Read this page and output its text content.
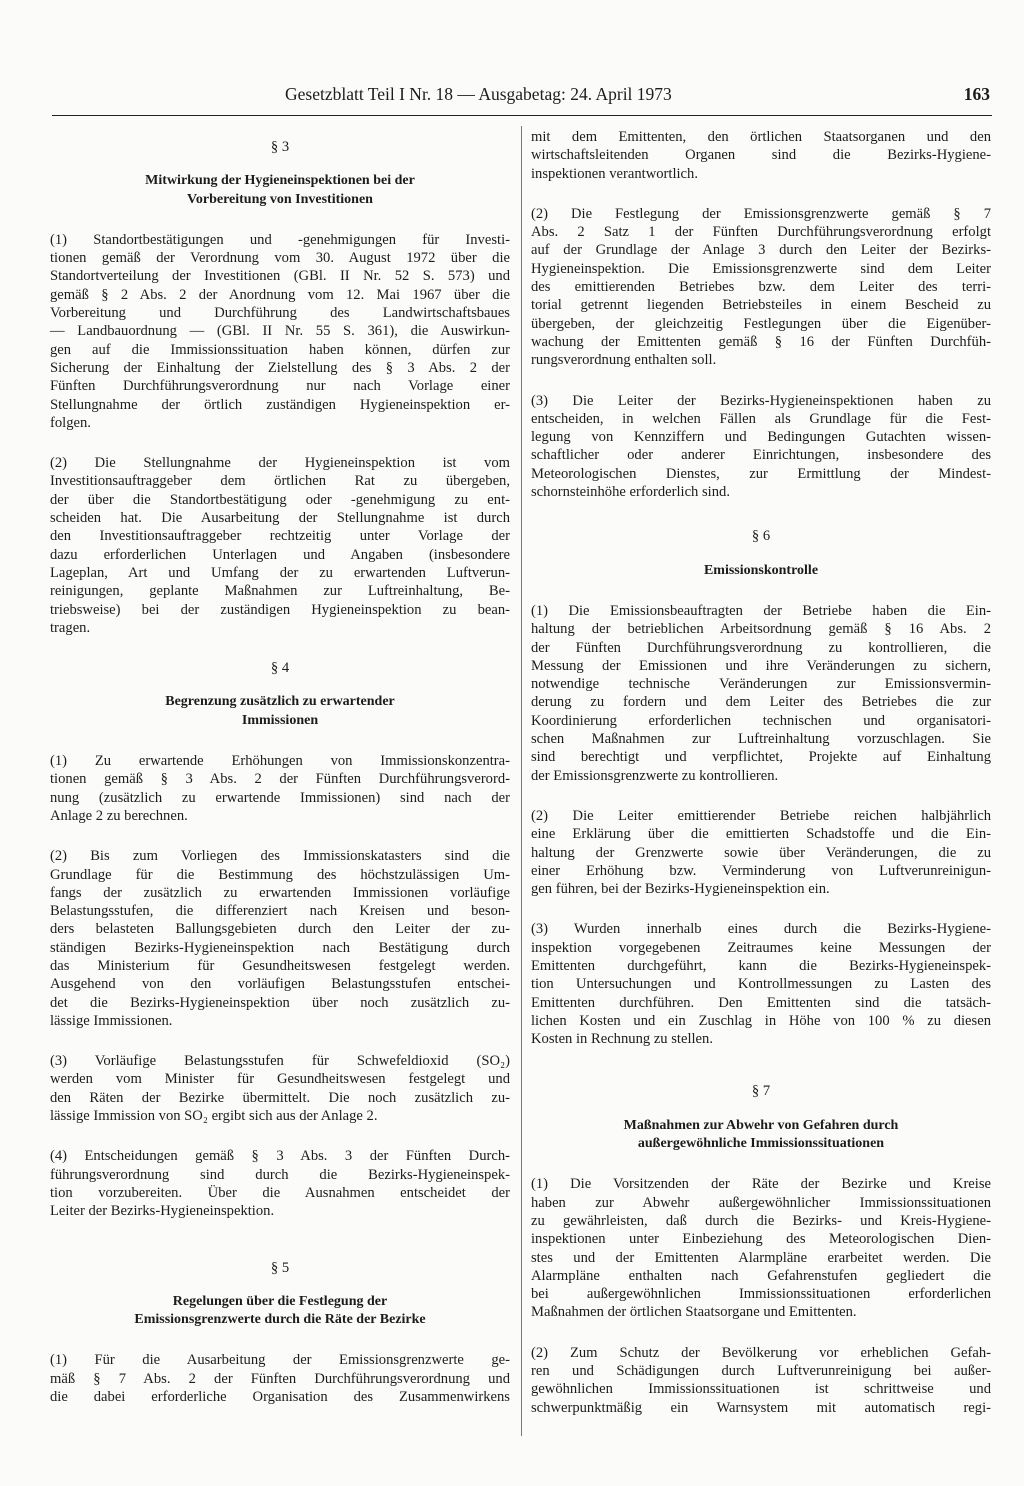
Gesetzblatt Teil I Nr. 18 — Ausgabetag: 24. April 1973	163
§ 3
Mitwirkung der Hygieneinspektionen bei der
Vorbereitung von Investitionen
(1) Standortbestätigungen und -genehmigungen für Investi-
tionen gemäß der Verordnung vom 30. August 1972 über die
Standortverteilung der Investitionen (GBl. II Nr. 52 S. 573) und
gemäß § 2 Abs. 2 der Anordnung vom 12. Mai 1967 über die
Vorbereitung und Durchführung des Landwirtschaftsbaues
— Landbauordnung — (GBl. II Nr. 55 S. 361), die Auswirkun-
gen auf die Immissionssituation haben können, dürfen zur
Sicherung der Einhaltung der Zielstellung des § 3 Abs. 2 der
Fünften Durchführungsverordnung nur nach Vorlage einer
Stellungnahme der örtlich zuständigen Hygieneinspektion er-
folgen.
(2) Die Stellungnahme der Hygieneinspektion ist vom
Investitionsauftraggeber dem örtlichen Rat zu übergeben,
der über die Standortbestätigung oder -genehmigung zu ent-
scheiden hat. Die Ausarbeitung der Stellungnahme ist durch
den Investitionsauftraggeber rechtzeitig unter Vorlage der
dazu erforderlichen Unterlagen und Angaben (insbesondere
Lageplan, Art und Umfang der zu erwartenden Luftverun-
reinigungen, geplante Maßnahmen zur Luftreinhaltung, Be-
triebsweise) bei der zuständigen Hygieneinspektion zu bean-
tragen.
§ 4
Begrenzung zusätzlich zu erwartender
Immissionen
(1) Zu erwartende Erhöhungen von Immissionskonzentra-
tionen gemäß § 3 Abs. 2 der Fünften Durchführungsverord-
nung (zusätzlich zu erwartende Immissionen) sind nach der
Anlage 2 zu berechnen.
(2) Bis zum Vorliegen des Immissionskatasters sind die
Grundlage für die Bestimmung des höchstzulässigen Um-
fangs der zusätzlich zu erwartenden Immissionen vorläufige
Belastungsstufen, die differenziert nach Kreisen und beson-
ders belasteten Ballungsgebieten durch den Leiter der zu-
ständigen Bezirks-Hygieneinspektion nach Bestätigung durch
das Ministerium für Gesundheitswesen festgelegt werden.
Ausgehend von den vorläufigen Belastungsstufen entschei-
det die Bezirks-Hygieneinspektion über noch zusätzlich zu-
lässige Immissionen.
(3) Vorläufige Belastungsstufen für Schwefeldioxid (SO₂)
werden vom Minister für Gesundheitswesen festgelegt und
den Räten der Bezirke übermittelt. Die noch zusätzlich zu-
lässige Immission von SO₂ ergibt sich aus der Anlage 2.
(4) Entscheidungen gemäß § 3 Abs. 3 der Fünften Durch-
führungsverordnung sind durch die Bezirks-Hygieneinspek-
tion vorzubereiten. Über die Ausnahmen entscheidet der
Leiter der Bezirks-Hygieneinspektion.
§ 5
Regelungen über die Festlegung der
Emissionsgrenzwerte durch die Räte der Bezirke
(1) Für die Ausarbeitung der Emissionsgrenzwerte ge-
mäß § 7 Abs. 2 der Fünften Durchführungsverordnung und
die dabei erforderliche Organisation des Zusammenwirkens
mit dem Emittenten, den örtlichen Staatsorganen und den
wirtschaftsleitenden Organen sind die Bezirks-Hygiene-
inspektionen verantwortlich.
(2) Die Festlegung der Emissionsgrenzwerte gemäß § 7
Abs. 2 Satz 1 der Fünften Durchführungsverordnung erfolgt
auf der Grundlage der Anlage 3 durch den Leiter der Bezirks-
Hygieneinspektion. Die Emissionsgrenzwerte sind dem Leiter
des emittierenden Betriebes bzw. dem Leiter des terri-
torial getrennt liegenden Betriebsteiles in einem Bescheid zu
übergeben, der gleichzeitig Festlegungen über die Eigenüber-
wachung der Emittenten gemäß § 16 der Fünften Durchfüh-
rungsverordnung enthalten soll.
(3) Die Leiter der Bezirks-Hygieneinspektionen haben zu
entscheiden, in welchen Fällen als Grundlage für die Fest-
legung von Kennziffern und Bedingungen Gutachten wissen-
schaftlicher oder anderer Einrichtungen, insbesondere des
Meteorologischen Dienstes, zur Ermittlung der Mindest-
schornsteinhöhe erforderlich sind.
§ 6
Emissionskontrolle
(1) Die Emissionsbeauftragten der Betriebe haben die Ein-
haltung der betrieblichen Arbeitsordnung gemäß § 16 Abs. 2
der Fünften Durchführungsverordnung zu kontrollieren, die
Messung der Emissionen und ihre Veränderungen zu sichern,
notwendige technische Veränderungen zur Emissionsvermin-
derung zu fordern und dem Leiter des Betriebes die zur
Koordinierung erforderlichen technischen und organisatori-
schen Maßnahmen zur Luftreinhaltung vorzuschlagen. Sie
sind berechtigt und verpflichtet, Projekte auf Einhaltung
der Emissionsgrenzwerte zu kontrollieren.
(2) Die Leiter emittierender Betriebe reichen halbjährlich
eine Erklärung über die emittierten Schadstoffe und die Ein-
haltung der Grenzwerte sowie über Veränderungen, die zu
einer Erhöhung bzw. Verminderung von Luftverunreinigun-
gen führen, bei der Bezirks-Hygieneinspektion ein.
(3) Wurden innerhalb eines durch die Bezirks-Hygiene-
inspektion vorgegebenen Zeitraumes keine Messungen der
Emittenten durchgeführt, kann die Bezirks-Hygieneinspek-
tion Untersuchungen und Kontrollmessungen zu Lasten des
Emittenten durchführen. Den Emittenten sind die tatsäch-
lichen Kosten und ein Zuschlag in Höhe von 100 % zu diesen
Kosten in Rechnung zu stellen.
§ 7
Maßnahmen zur Abwehr von Gefahren durch
außergewöhnliche Immissionssituationen
(1) Die Vorsitzenden der Räte der Bezirke und Kreise
haben zur Abwehr außergewöhnlicher Immissionssituationen
zu gewährleisten, daß durch die Bezirks- und Kreis-Hygiene-
inspektionen unter Einbeziehung des Meteorologischen Dien-
stes und der Emittenten Alarmpläne erarbeitet werden. Die
Alarmpläne enthalten nach Gefahrenstufen gegliedert die
bei außergewöhnlichen Immissionssituationen erforderlichen
Maßnahmen der örtlichen Staatsorgane und Emittenten.
(2) Zum Schutz der Bevölkerung vor erheblichen Gefah-
ren und Schädigungen durch Luftverunreinigung bei außer-
gewöhnlichen Immissionssituationen ist schrittweise und
schwerpunktmäßig ein Warnsystem mit automatisch regi-
